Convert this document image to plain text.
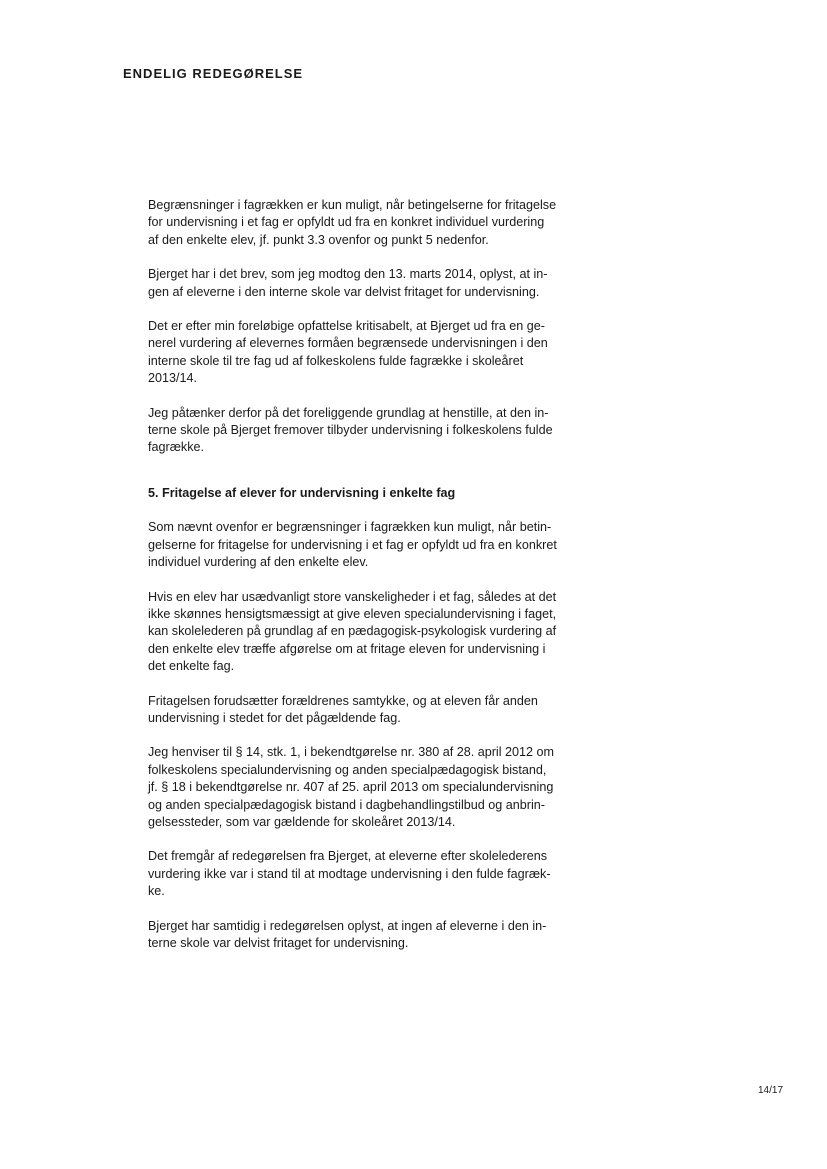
ENDELIG REDEGØRELSE
Begrænsninger i fagrækken er kun muligt, når betingelserne for fritagelse
for undervisning i et fag er opfyldt ud fra en konkret individuel vurdering
af den enkelte elev, jf. punkt 3.3 ovenfor og punkt 5 nedenfor.
Bjerget har i det brev, som jeg modtog den 13. marts 2014, oplyst, at in-
gen af eleverne i den interne skole var delvist fritaget for undervisning.
Det er efter min foreløbige opfattelse kritisabelt, at Bjerget ud fra en ge-
nerel vurdering af elevernes formåen begrænsede undervisningen i den
interne skole til tre fag ud af folkeskolens fulde fagrække i skoleåret
2013/14.
Jeg påtænker derfor på det foreliggende grundlag at henstille, at den in-
terne skole på Bjerget fremover tilbyder undervisning i folkeskolens fulde
fagrække.
5. Fritagelse af elever for undervisning i enkelte fag
Som nævnt ovenfor er begrænsninger i fagrækken kun muligt, når betin-
gelserne for fritagelse for undervisning i et fag er opfyldt ud fra en konkret
individuel vurdering af den enkelte elev.
Hvis en elev har usædvanligt store vanskeligheder i et fag, således at det
ikke skønnes hensigtsmæssigt at give eleven specialundervisning i faget,
kan skolelederen på grundlag af en pædagogisk-psykologisk vurdering af
den enkelte elev træffe afgørelse om at fritage eleven for undervisning i
det enkelte fag.
Fritagelsen forudsætter forældrenes samtykke, og at eleven får anden
undervisning i stedet for det pågældende fag.
Jeg henviser til § 14, stk. 1, i bekendtgørelse nr. 380 af 28. april 2012 om
folkeskolens specialundervisning og anden specialpædagogisk bistand,
jf. § 18 i bekendtgørelse nr. 407 af 25. april 2013 om specialundervisning
og anden specialpædagogisk bistand i dagbehandlingstilbud og anbrin-
gelsessteder, som var gældende for skoleåret 2013/14.
Det fremgår af redegørelsen fra Bjerget, at eleverne efter skolelederens
vurdering ikke var i stand til at modtage undervisning i den fulde fagræk-
ke.
Bjerget har samtidig i redegørelsen oplyst, at ingen af eleverne i den in-
terne skole var delvist fritaget for undervisning.
14/17
